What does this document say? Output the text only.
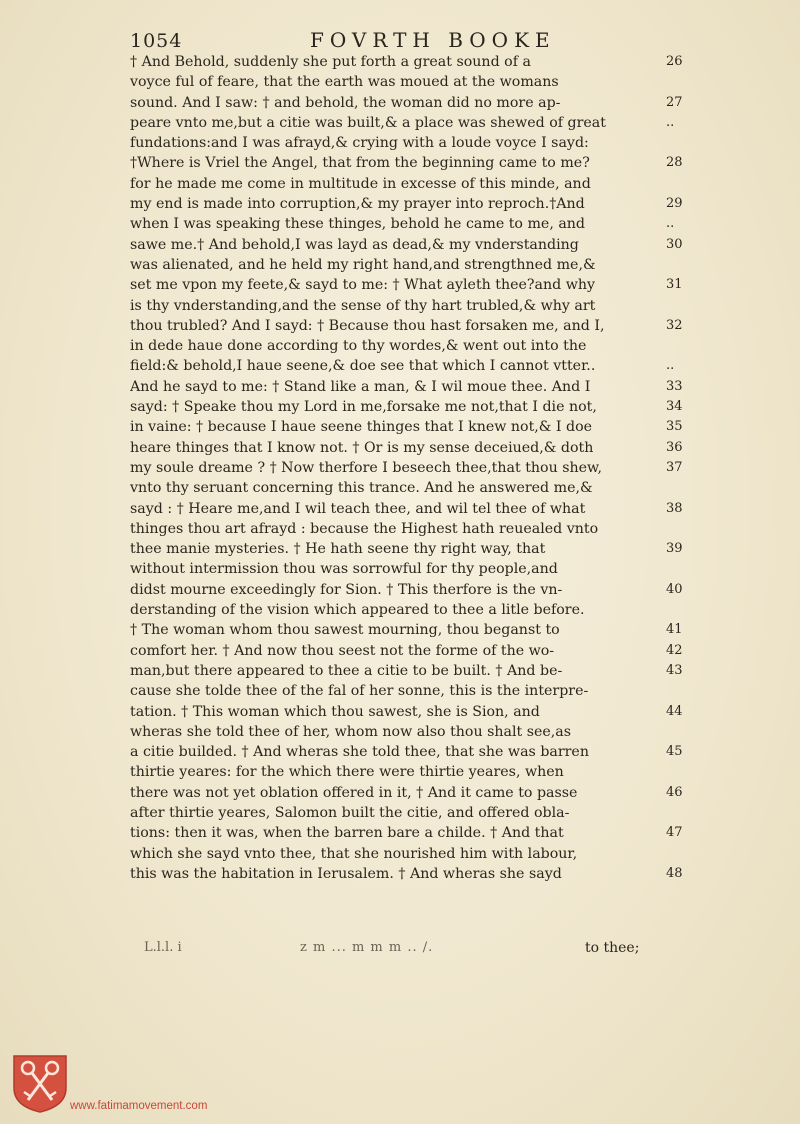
1054	FOVRTH BOOKE
† And Behold, suddenly she put forth a great sound of a	26
voyce ful of feare, that the earth was moued at the womans
sound. And I saw: † and behold, the woman did no more ap-	27
peare vnto me,but a citie was built,& a place was shewed of great	..
fundations:and I was afrayd,& crying with a loude voyce I sayd:
†Where is Vriel the Angel, that from the beginning came to me?	28
for he made me come in multitude in excesse of this minde, and
my end is made into corruption,& my prayer into reproch.†And	29
when I was speaking these thinges, behold he came to me, and	..
sawe me.† And behold,I was layd as dead,& my vnderstanding	30
was alienated, and he held my right hand,and strengthned me,&
set me vpon my feete,& sayd to me: † What ayleth thee?and why	31
is thy vnderstanding,and the sense of thy hart trubled,& why art
thou trubled? And I sayd: † Because thou hast forsaken me, and I,	32
in dede haue done according to thy wordes,& went out into the
field:& behold,I haue seene,& doe see that which I cannot vtter..	..
And he sayd to me: † Stand like a man, & I wil moue thee. And I	33
sayd: † Speake thou my Lord in me,forsake me not,that I die not,	34
in vaine: † because I haue seene thinges that I knew not,& I doe	35
heare thinges that I know not. † Or is my sense deceiued,& doth	36
my soule dreame ? † Now therfore I beseech thee,that thou shew,	37
vnto thy seruant concerning this trance. And he answered me,&
sayd : † Heare me,and I wil teach thee, and wil tel thee of what	38
thinges thou art afrayd : because the Highest hath reuealed vnto
thee manie mysteries. † He hath seene thy right way, that	39
without intermission thou was sorrowful for thy people,and
didst mourne exceedingly for Sion. † This therfore is the vn-	40
derstanding of the vision which appeared to thee a litle before.
† The woman whom thou sawest mourning, thou beganst to	41
comfort her. † And now thou seest not the forme of the wo-	42
man,but there appeared to thee a citie to be built. † And be-	43
cause she tolde thee of the fal of her sonne, this is the interpre-
tation. † This woman which thou sawest, she is Sion, and	44
wheras she told thee of her, whom now also thou shalt see,as
a citie builded. † And wheras she told thee, that she was barren	45
thirtie yeares: for the which there were thirtie yeares, when
there was not yet oblation offered in it, † And it came to passe	46
after thirtie yeares, Salomon built the citie, and offered obla-
tions: then it was, when the barren bare a childe. † And that	47
which she sayd vnto thee, that she nourished him with labour,
this was the habitation in Ierusalem. † And wheras she sayd	48
L.l.l. i	z m ... m m m .. /.	to thee;
www.fatimamovement.com
